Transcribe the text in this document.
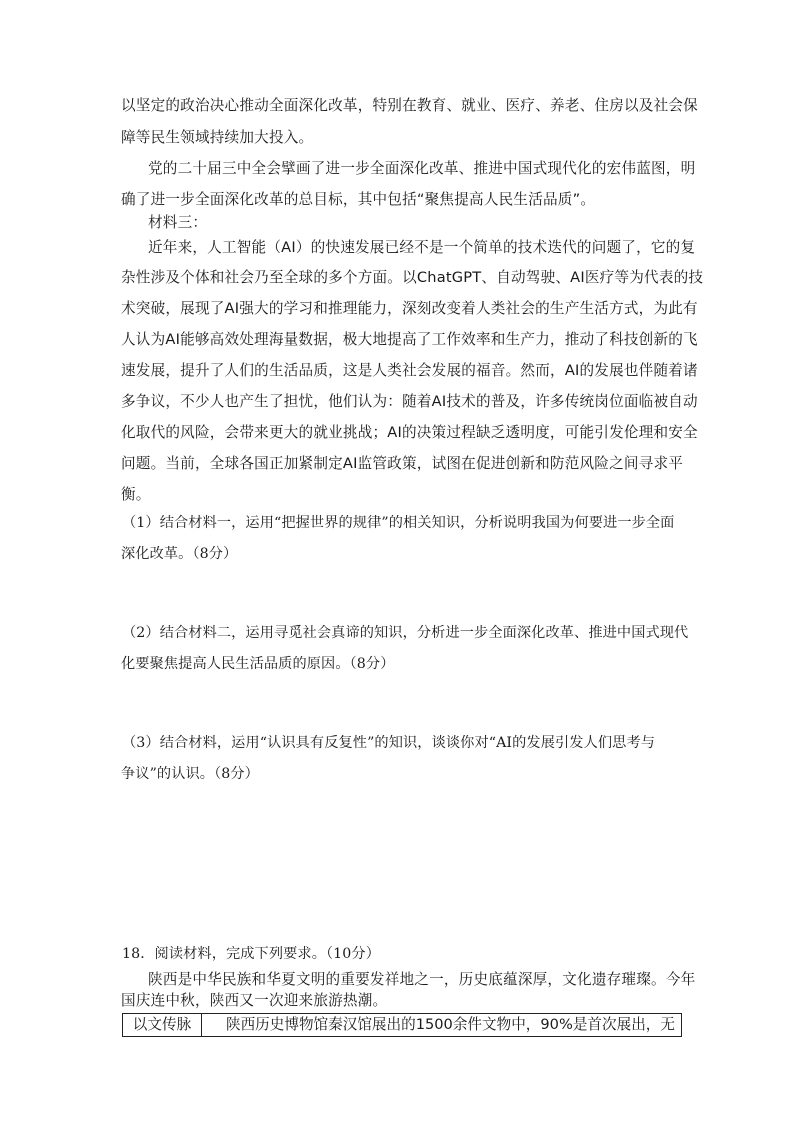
以坚定的政治决心推动全面深化改革，特别在教育、就业、医疗、养老、住房以及社会保
障等民生领域持续加大投入。
党的二十届三中全会擘画了进一步全面深化改革、推进中国式现代化的宏伟蓝图，明
确了进一步全面深化改革的总目标，其中包括“聚焦提高人民生活品质”。
材料三：
近年来，人工智能（AI）的快速发展已经不是一个简单的技术迭代的问题了，它的复
杂性涉及个体和社会乃至全球的多个方面。以ChatGPT、自动驾驶、AI医疗等为代表的技
术突破，展现了AI强大的学习和推理能力，深刻改变着人类社会的生产生活方式，为此有
人认为AI能够高效处理海量数据，极大地提高了工作效率和生产力，推动了科技创新的飞
速发展，提升了人们的生活品质，这是人类社会发展的福音。然而，AI的发展也伴随着诸
多争议，不少人也产生了担忧，他们认为：随着AI技术的普及，许多传统岗位面临被自动
化取代的风险，会带来更大的就业挑战；AI的决策过程缺乏透明度，可能引发伦理和安全
问题。当前，全球各国正加紧制定AI监管政策，试图在促进创新和防范风险之间寻求平
衡。
（1）结合材料一，运用“把握世界的规律”的相关知识，分析说明我国为何要进一步全面
深化改革。（8分）
（2）结合材料二，运用寻觅社会真谛的知识，分析进一步全面深化改革、推进中国式现代
化要聚焦提高人民生活品质的原因。（8分）
（3）结合材料，运用“认识具有反复性”的知识，谈谈你对“AI的发展引发人们思考与
争议”的认识。（8分）
18．阅读材料，完成下列要求。（10分）
陕西是中华民族和华夏文明的重要发祥地之一，历史底蕴深厚，文化遗存璀璨。今年
国庆连中秋，陕西又一次迎来旅游热潮。
以文传脉	陕西历史博物馆秦汉馆展出的1500余件文物中，90%是首次展出，无
